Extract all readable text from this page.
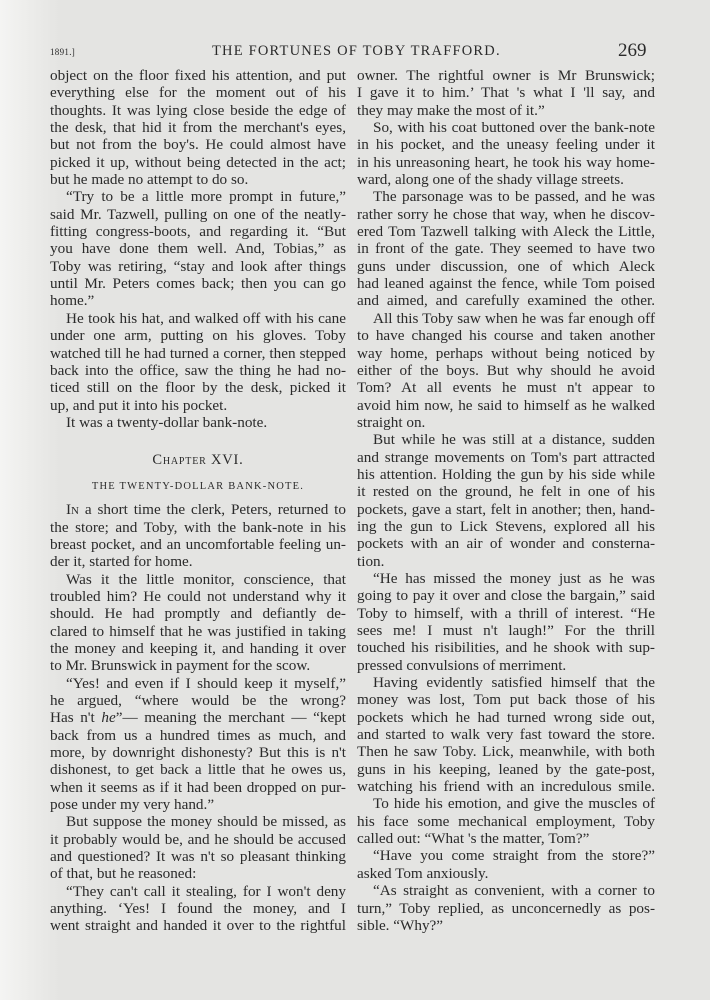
1891.]	THE FORTUNES OF TOBY TRAFFORD.	269
object on the floor fixed his attention, and put
everything else for the moment out of his
thoughts. It was lying close beside the edge of
the desk, that hid it from the merchant's eyes,
but not from the boy's. He could almost have
picked it up, without being detected in the act;
but he made no attempt to do so.
“Try to be a little more prompt in future,”
said Mr. Tazwell, pulling on one of the neatly-
fitting congress-boots, and regarding it. “But
you have done them well. And, Tobias,” as
Toby was retiring, “stay and look after things
until Mr. Peters comes back; then you can go
home.”
He took his hat, and walked off with his cane
under one arm, putting on his gloves. Toby
watched till he had turned a corner, then stepped
back into the office, saw the thing he had no-
ticed still on the floor by the desk, picked it
up, and put it into his pocket.
It was a twenty-dollar bank-note.
Chapter XVI.
THE TWENTY-DOLLAR BANK-NOTE.
In a short time the clerk, Peters, returned to
the store; and Toby, with the bank-note in his
breast pocket, and an uncomfortable feeling un-
der it, started for home.
Was it the little monitor, conscience, that
troubled him? He could not understand why it
should. He had promptly and defiantly de-
clared to himself that he was justified in taking
the money and keeping it, and handing it over
to Mr. Brunswick in payment for the scow.
“Yes! and even if I should keep it myself,”
he argued, “where would be the wrong?
Has n't he”— meaning the merchant — “kept
back from us a hundred times as much, and
more, by downright dishonesty? But this is n't
dishonest, to get back a little that he owes us,
when it seems as if it had been dropped on pur-
pose under my very hand.”
But suppose the money should be missed, as
it probably would be, and he should be accused
and questioned? It was n't so pleasant thinking
of that, but he reasoned:
“They can't call it stealing, for I won't deny
anything. ‘Yes! I found the money, and I
went straight and handed it over to the rightful
owner. The rightful owner is Mr Brunswick;
I gave it to him.’ That 's what I 'll say, and
they may make the most of it.”
So, with his coat buttoned over the bank-note
in his pocket, and the uneasy feeling under it
in his unreasoning heart, he took his way home-
ward, along one of the shady village streets.
The parsonage was to be passed, and he was
rather sorry he chose that way, when he discov-
ered Tom Tazwell talking with Aleck the Little,
in front of the gate. They seemed to have two
guns under discussion, one of which Aleck
had leaned against the fence, while Tom poised
and aimed, and carefully examined the other.
All this Toby saw when he was far enough off
to have changed his course and taken another
way home, perhaps without being noticed by
either of the boys. But why should he avoid
Tom? At all events he must n't appear to
avoid him now, he said to himself as he walked
straight on.
But while he was still at a distance, sudden
and strange movements on Tom's part attracted
his attention. Holding the gun by his side while
it rested on the ground, he felt in one of his
pockets, gave a start, felt in another; then, hand-
ing the gun to Lick Stevens, explored all his
pockets with an air of wonder and consterna-
tion.
“He has missed the money just as he was
going to pay it over and close the bargain,” said
Toby to himself, with a thrill of interest. “He
sees me! I must n't laugh!” For the thrill
touched his risibilities, and he shook with sup-
pressed convulsions of merriment.
Having evidently satisfied himself that the
money was lost, Tom put back those of his
pockets which he had turned wrong side out,
and started to walk very fast toward the store.
Then he saw Toby. Lick, meanwhile, with both
guns in his keeping, leaned by the gate-post,
watching his friend with an incredulous smile.
To hide his emotion, and give the muscles of
his face some mechanical employment, Toby
called out: “What 's the matter, Tom?”
“Have you come straight from the store?”
asked Tom anxiously.
“As straight as convenient, with a corner to
turn,” Toby replied, as unconcernedly as pos-
sible. “Why?”
